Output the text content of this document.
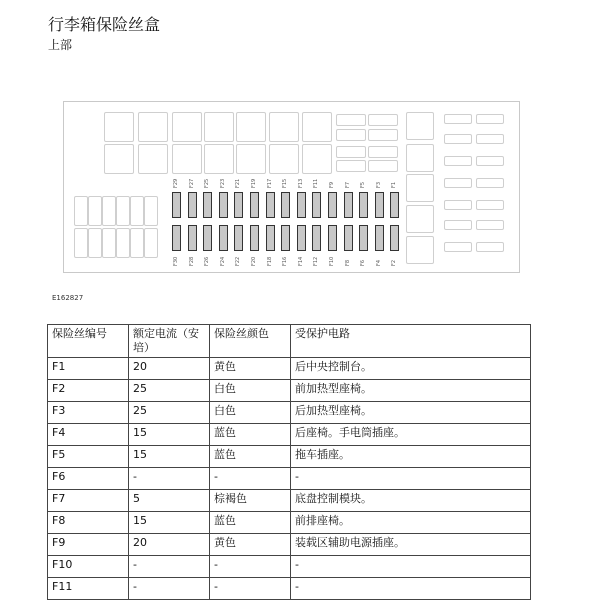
行李箱保险丝盒
上部
F29
F30
F27
F28
F25
F26
F23
F24
F21
F22
F19
F20
F17
F18
F15
F16
F13
F14
F11
F12
F9
F10
F7
F8
F5
F6
F3
F4
F1
F2
E162827
保险丝编号	额定电流（安培）	保险丝颜色	受保护电路
F1	20	黄色	后中央控制台。
F2	25	白色	前加热型座椅。
F3	25	白色	后加热型座椅。
F4	15	蓝色	后座椅。手电筒插座。
F5	15	蓝色	拖车插座。
F6	-	-	-
F7	5	棕褐色	底盘控制模块。
F8	15	蓝色	前排座椅。
F9	20	黄色	装载区辅助电源插座。
F10	-	-	-
F11	-	-	-
